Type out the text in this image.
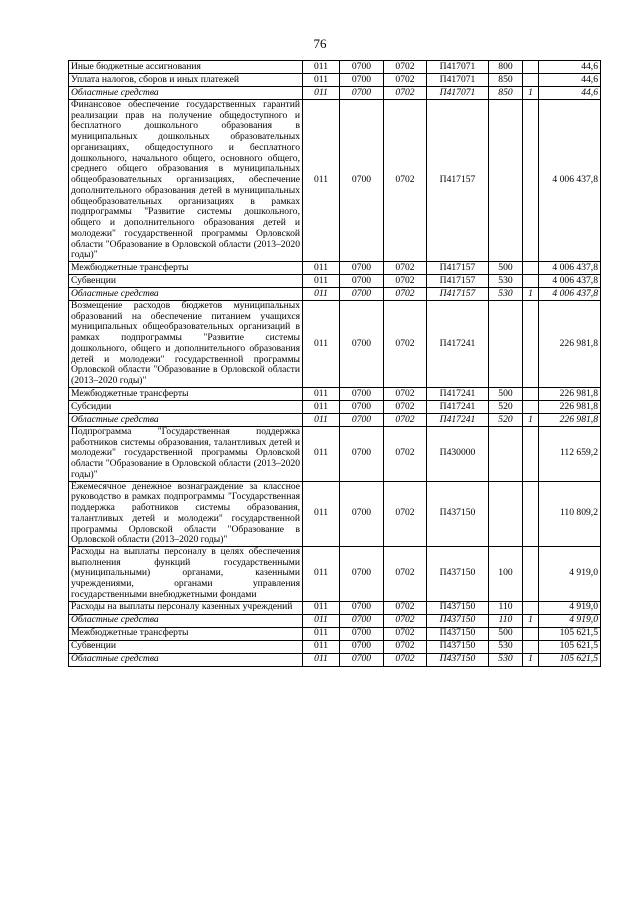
76
Иные бюджетные ассигнования	011	0700	0702	П417071	800		44,6
Уплата налогов, сборов и иных платежей	011	0700	0702	П417071	850		44,6
Областные средства	011	0700	0702	П417071	850	1	44,6
Финансовое обеспечение государственных гарантий реализации прав на получение общедоступного и бесплатного дошкольного образования в муниципальных дошкольных образовательных организациях, общедоступного и бесплатного дошкольного, начального общего, основного общего, среднего общего образования в муниципальных общеобразовательных организациях, обеспечение дополнительного образования детей в муниципальных общеобразовательных организациях в рамках подпрограммы "Развитие системы дошкольного, общего и дополнительного образования детей и молодежи" государственной программы Орловской области "Образование в Орловской области (2013–2020 годы)"	011	0700	0702	П417157			4 006 437,8
Межбюджетные трансферты	011	0700	0702	П417157	500		4 006 437,8
Субвенции	011	0700	0702	П417157	530		4 006 437,8
Областные средства	011	0700	0702	П417157	530	1	4 006 437,8
Возмещение расходов бюджетов муниципальных образований на обеспечение питанием учащихся муниципальных общеобразовательных организаций в рамках подпрограммы "Развитие системы дошкольного, общего и дополнительного образования детей и молодежи" государственной программы Орловской области "Образование в Орловской области (2013–2020 годы)"	011	0700	0702	П417241			226 981,8
Межбюджетные трансферты	011	0700	0702	П417241	500		226 981,8
Субсидии	011	0700	0702	П417241	520		226 981,8
Областные средства	011	0700	0702	П417241	520	1	226 981,8
Подпрограмма "Государственная поддержка работников системы образования, талантливых детей и молодежи" государственной программы Орловской области "Образование в Орловской области (2013–2020 годы)"	011	0700	0702	П430000			112 659,2
Ежемесячное денежное вознаграждение за классное руководство в рамках подпрограммы "Государственная поддержка работников системы образования, талантливых детей и молодежи" государственной программы Орловской области "Образование в Орловской области (2013–2020 годы)"	011	0700	0702	П437150			110 809,2
Расходы на выплаты персоналу в целях обеспечения выполнения функций государственными (муниципальными) органами, казенными учреждениями, органами управления государственными внебюджетными фондами	011	0700	0702	П437150	100		4 919,0
Расходы на выплаты персоналу казенных учреждений	011	0700	0702	П437150	110		4 919,0
Областные средства	011	0700	0702	П437150	110	1	4 919,0
Межбюджетные трансферты	011	0700	0702	П437150	500		105 621,5
Субвенции	011	0700	0702	П437150	530		105 621,5
Областные средства	011	0700	0702	П437150	530	1	105 621,5
